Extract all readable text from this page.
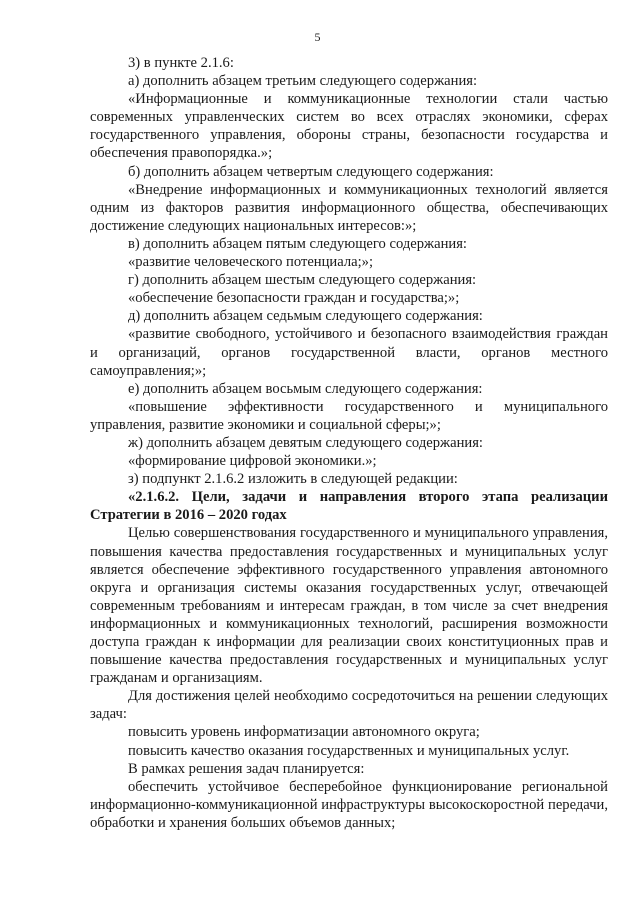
5

3) в пункте 2.1.6:

а) дополнить абзацем третьим следующего содержания:

«Информационные и коммуникационные технологии стали частью современных управленческих систем во всех отраслях экономики, сферах государственного управления, обороны страны, безопасности государства и обеспечения правопорядка.»;

б) дополнить абзацем четвертым следующего содержания:

«Внедрение информационных и коммуникационных технологий является одним из факторов развития информационного общества, обеспечивающих достижение следующих национальных интересов:»;

в) дополнить абзацем пятым следующего содержания:

«развитие человеческого потенциала;»;

г) дополнить абзацем шестым следующего содержания:

«обеспечение безопасности граждан и государства;»;

д) дополнить абзацем седьмым следующего содержания:

«развитие свободного, устойчивого и безопасного взаимодействия граждан и организаций, органов государственной власти, органов местного самоуправления;»;

е) дополнить абзацем восьмым следующего содержания:

«повышение эффективности государственного и муниципального управления, развитие экономики и социальной сферы;»;

ж) дополнить абзацем девятым следующего содержания:

«формирование цифровой экономики.»;

з) подпункт 2.1.6.2 изложить в следующей редакции:

«2.1.6.2. Цели, задачи и направления второго этапа реализации Стратегии в 2016 – 2020 годах

Целью совершенствования государственного и муниципального управления, повышения качества предоставления государственных и муниципальных услуг является обеспечение эффективного государственного управления автономного округа и организация системы оказания государственных услуг, отвечающей современным требованиям и интересам граждан, в том числе за счет внедрения информационных и коммуникационных технологий, расширения возможности доступа граждан к информации для реализации своих конституционных прав и повышение качества предоставления государственных и муниципальных услуг гражданам и организациям.

Для достижения целей необходимо сосредоточиться на решении следующих задач:

повысить уровень информатизации автономного округа;

повысить качество оказания государственных и муниципальных услуг.

В рамках решения задач планируется:

обеспечить устойчивое бесперебойное функционирование региональной информационно-коммуникационной инфраструктуры высокоскоростной передачи, обработки и хранения больших объемов данных;
